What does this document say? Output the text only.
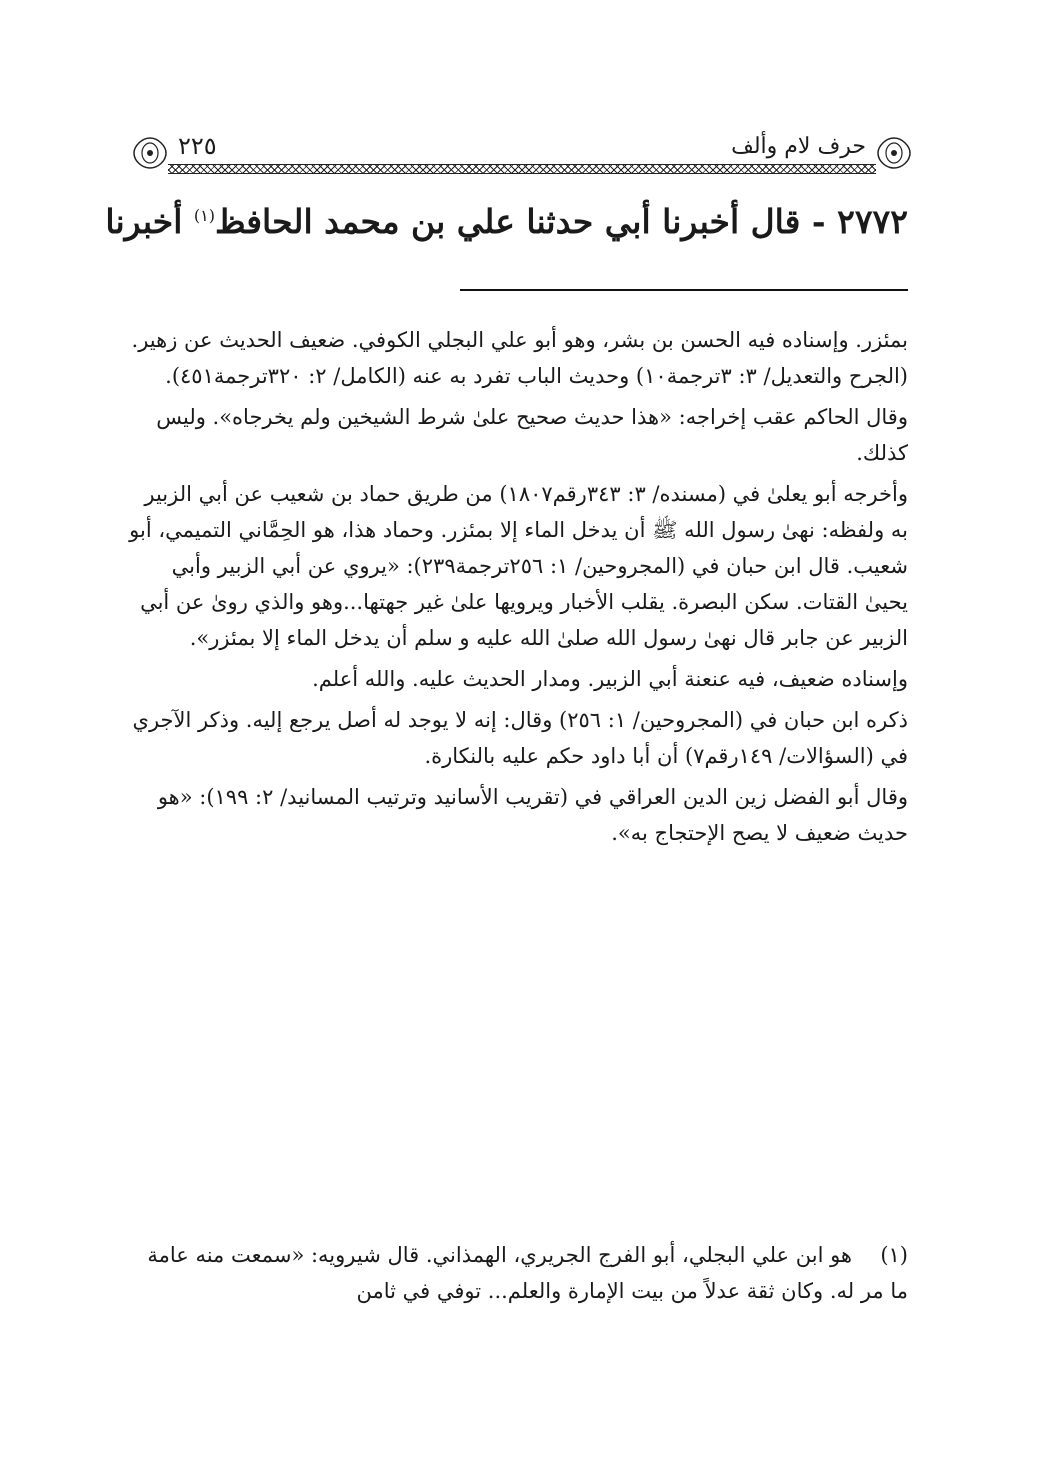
٢٢٥	حرف لام وألف
٢٧٧٢ - قال أخبرنا أبي حدثنا علي بن محمد الحافظ$^{(١)}$ أخبرنا

بمئزر. وإسناده فيه الحسن بن بشر، وهو أبو علي البجلي الكوفي. ضعيف الحديث عن زهير. (الجرح والتعديل/ ٣: ٣ترجمة١٠) وحديث الباب تفرد به عنه (الكامل/ ٢: ٣٢٠ترجمة٤٥١).

وقال الحاكم عقب إخراجه: «هذا حديث صحيح علىٰ شرط الشيخين ولم يخرجاه». وليس كذلك.

وأخرجه أبو يعلىٰ في (مسنده/ ٣: ٣٤٣رقم١٨٠٧) من طريق حماد بن شعيب عن أبي الزبير به ولفظه: نهىٰ رسول الله ﷺ أن يدخل الماء إلا بمئزر. وحماد هذا، هو الحِمَّاني التميمي، أبو شعيب. قال ابن حبان في (المجروحين/ ١: ٢٥٦ترجمة٢٣٩): «يروي عن أبي الزبير وأبي يحيىٰ القتات. سكن البصرة. يقلب الأخبار ويرويها علىٰ غير جهتها...وهو والذي روىٰ عن أبي الزبير عن جابر قال نهىٰ رسول الله صلىٰ الله عليه و سلم أن يدخل الماء إلا بمئزر».

وإسناده ضعيف، فيه عنعنة أبي الزبير. ومدار الحديث عليه. والله أعلم.

ذكره ابن حبان في (المجروحين/ ١: ٢٥٦) وقال: إنه لا يوجد له أصل يرجع إليه. وذكر الآجري في (السؤالات/ ١٤٩رقم٧) أن أبا داود حكم عليه بالنكارة.

وقال أبو الفضل زين الدين العراقي في (تقريب الأسانيد وترتيب المسانيد/ ٢: ١٩٩): «هو حديث ضعيف لا يصح الإحتجاج به».

(١)هو ابن علي البجلي، أبو الفرج الجريري، الهمذاني. قال شيرويه: «سمعت منه عامة ما مر له. وكان ثقة عدلاً من بيت الإمارة والعلم... توفي في ثامن
